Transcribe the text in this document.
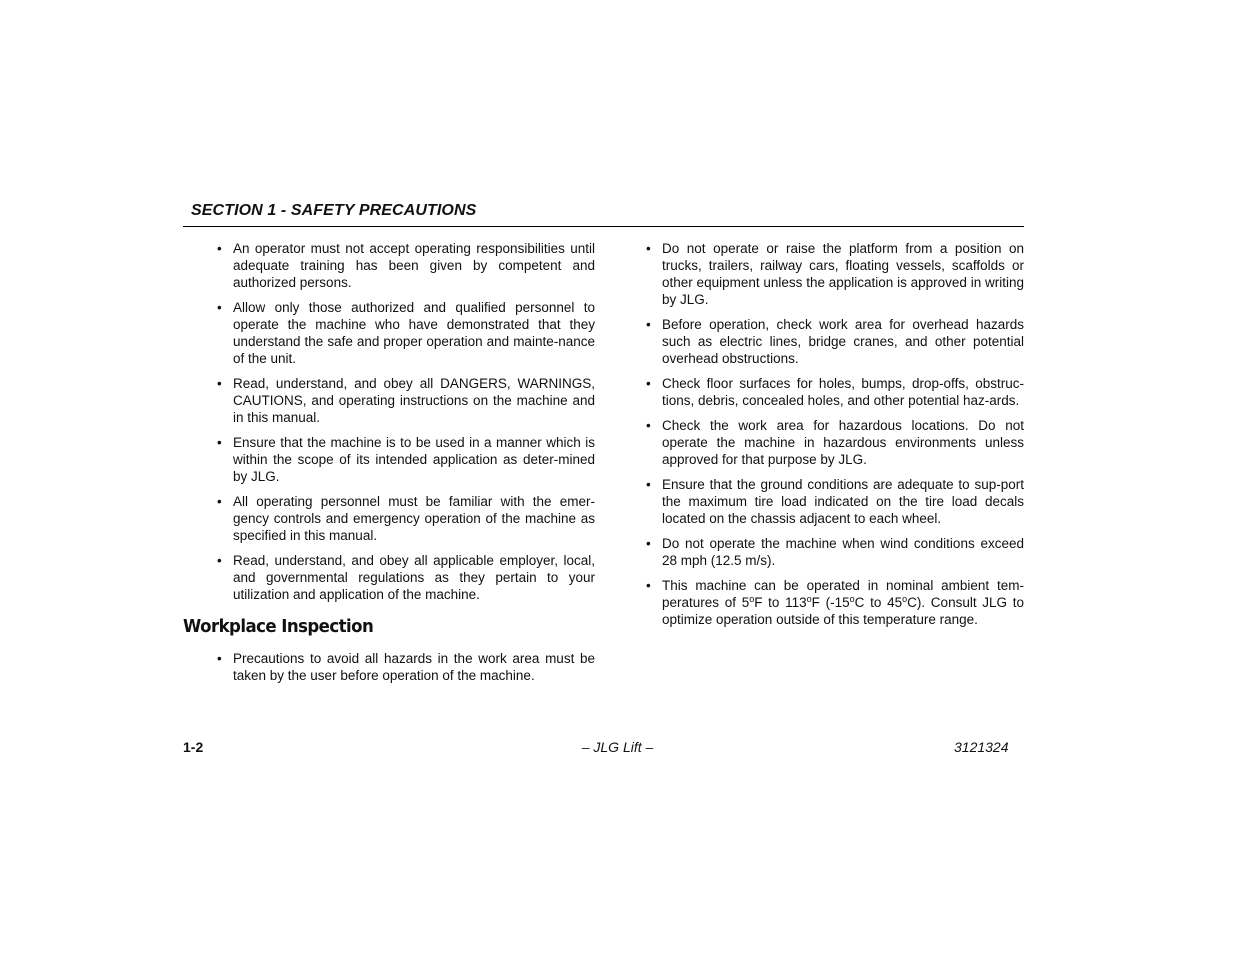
SECTION 1 - SAFETY PRECAUTIONS
• An operator must not accept operating responsibilities until adequate training has been given by competent and authorized persons.
• Allow only those authorized and qualified personnel to operate the machine who have demonstrated that they understand the safe and proper operation and mainte-nance of the unit.
• Read, understand, and obey all DANGERS, WARNINGS, CAUTIONS, and operating instructions on the machine and in this manual.
• Ensure that the machine is to be used in a manner which is within the scope of its intended application as deter-mined by JLG.
• All operating personnel must be familiar with the emer-gency controls and emergency operation of the machine as specified in this manual.
• Read, understand, and obey all applicable employer, local, and governmental regulations as they pertain to your utilization and application of the machine.
Workplace Inspection
• Precautions to avoid all hazards in the work area must be taken by the user before operation of the machine.
• Do not operate or raise the platform from a position on trucks, trailers, railway cars, floating vessels, scaffolds or other equipment unless the application is approved in writing by JLG.
• Before operation, check work area for overhead hazards such as electric lines, bridge cranes, and other potential overhead obstructions.
• Check floor surfaces for holes, bumps, drop-offs, obstruc-tions, debris, concealed holes, and other potential haz-ards.
• Check the work area for hazardous locations. Do not operate the machine in hazardous environments unless approved for that purpose by JLG.
• Ensure that the ground conditions are adequate to sup-port the maximum tire load indicated on the tire load decals located on the chassis adjacent to each wheel.
• Do not operate the machine when wind conditions exceed 28 mph (12.5 m/s).
• This machine can be operated in nominal ambient tem-peratures of 5$^o$F to 113$^o$F (-15$^o$C to 45$^o$C). Consult JLG to optimize operation outside of this temperature range.
1-2	– JLG Lift –	3121324
